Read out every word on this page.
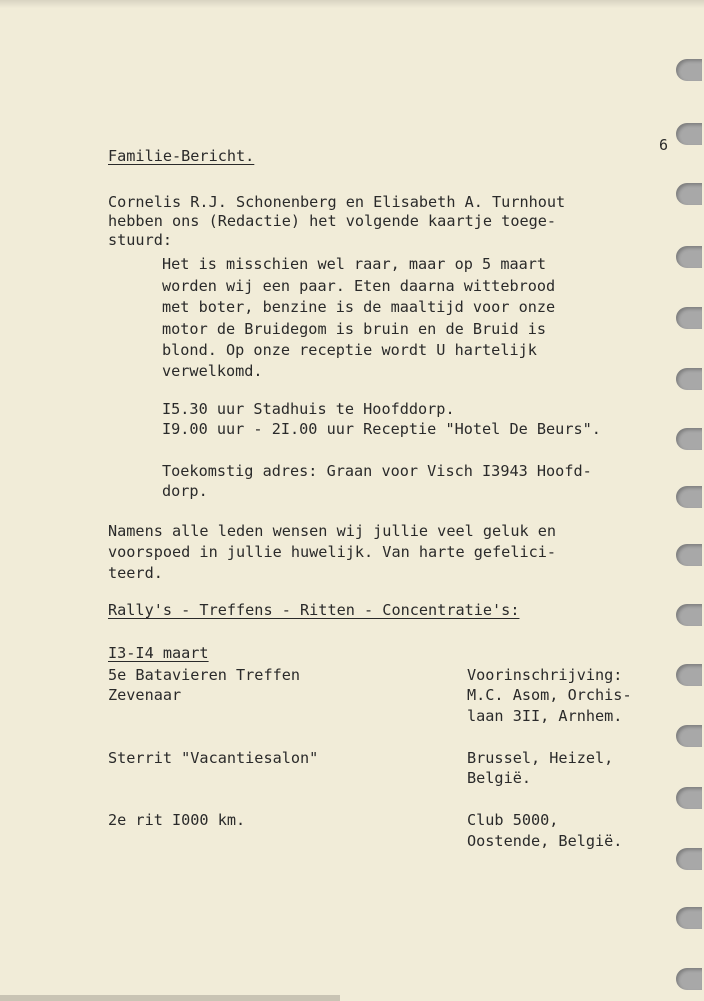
6
Familie-Bericht.
Cornelis R.J. Schonenberg en Elisabeth A. Turnhout
hebben ons (Redactie) het volgende kaartje toege-
stuurd:
Het is misschien wel raar, maar op 5 maart
worden wij een paar. Eten daarna wittebrood
met boter, benzine is de maaltijd voor onze
motor de Bruidegom is bruin en de Bruid is
blond. Op onze receptie wordt U hartelijk
verwelkomd.
I5.30 uur Stadhuis te Hoofddorp.
I9.00 uur - 2I.00 uur Receptie "Hotel De Beurs".
Toekomstig adres: Graan voor Visch I3943 Hoofd-
dorp.
Namens alle leden wensen wij jullie veel geluk en
voorspoed in jullie huwelijk. Van harte gefelici-
teerd.
Rally's - Treffens - Ritten - Concentratie's:
I3-I4 maart
5e Batavieren Treffen
Zevenaar
Voorinschrijving:
M.C. Asom, Orchis-
laan 3II, Arnhem.
Sterrit "Vacantiesalon"	Brussel, Heizel,
België.
2e rit I000 km.	Club 5000,
Oostende, België.
